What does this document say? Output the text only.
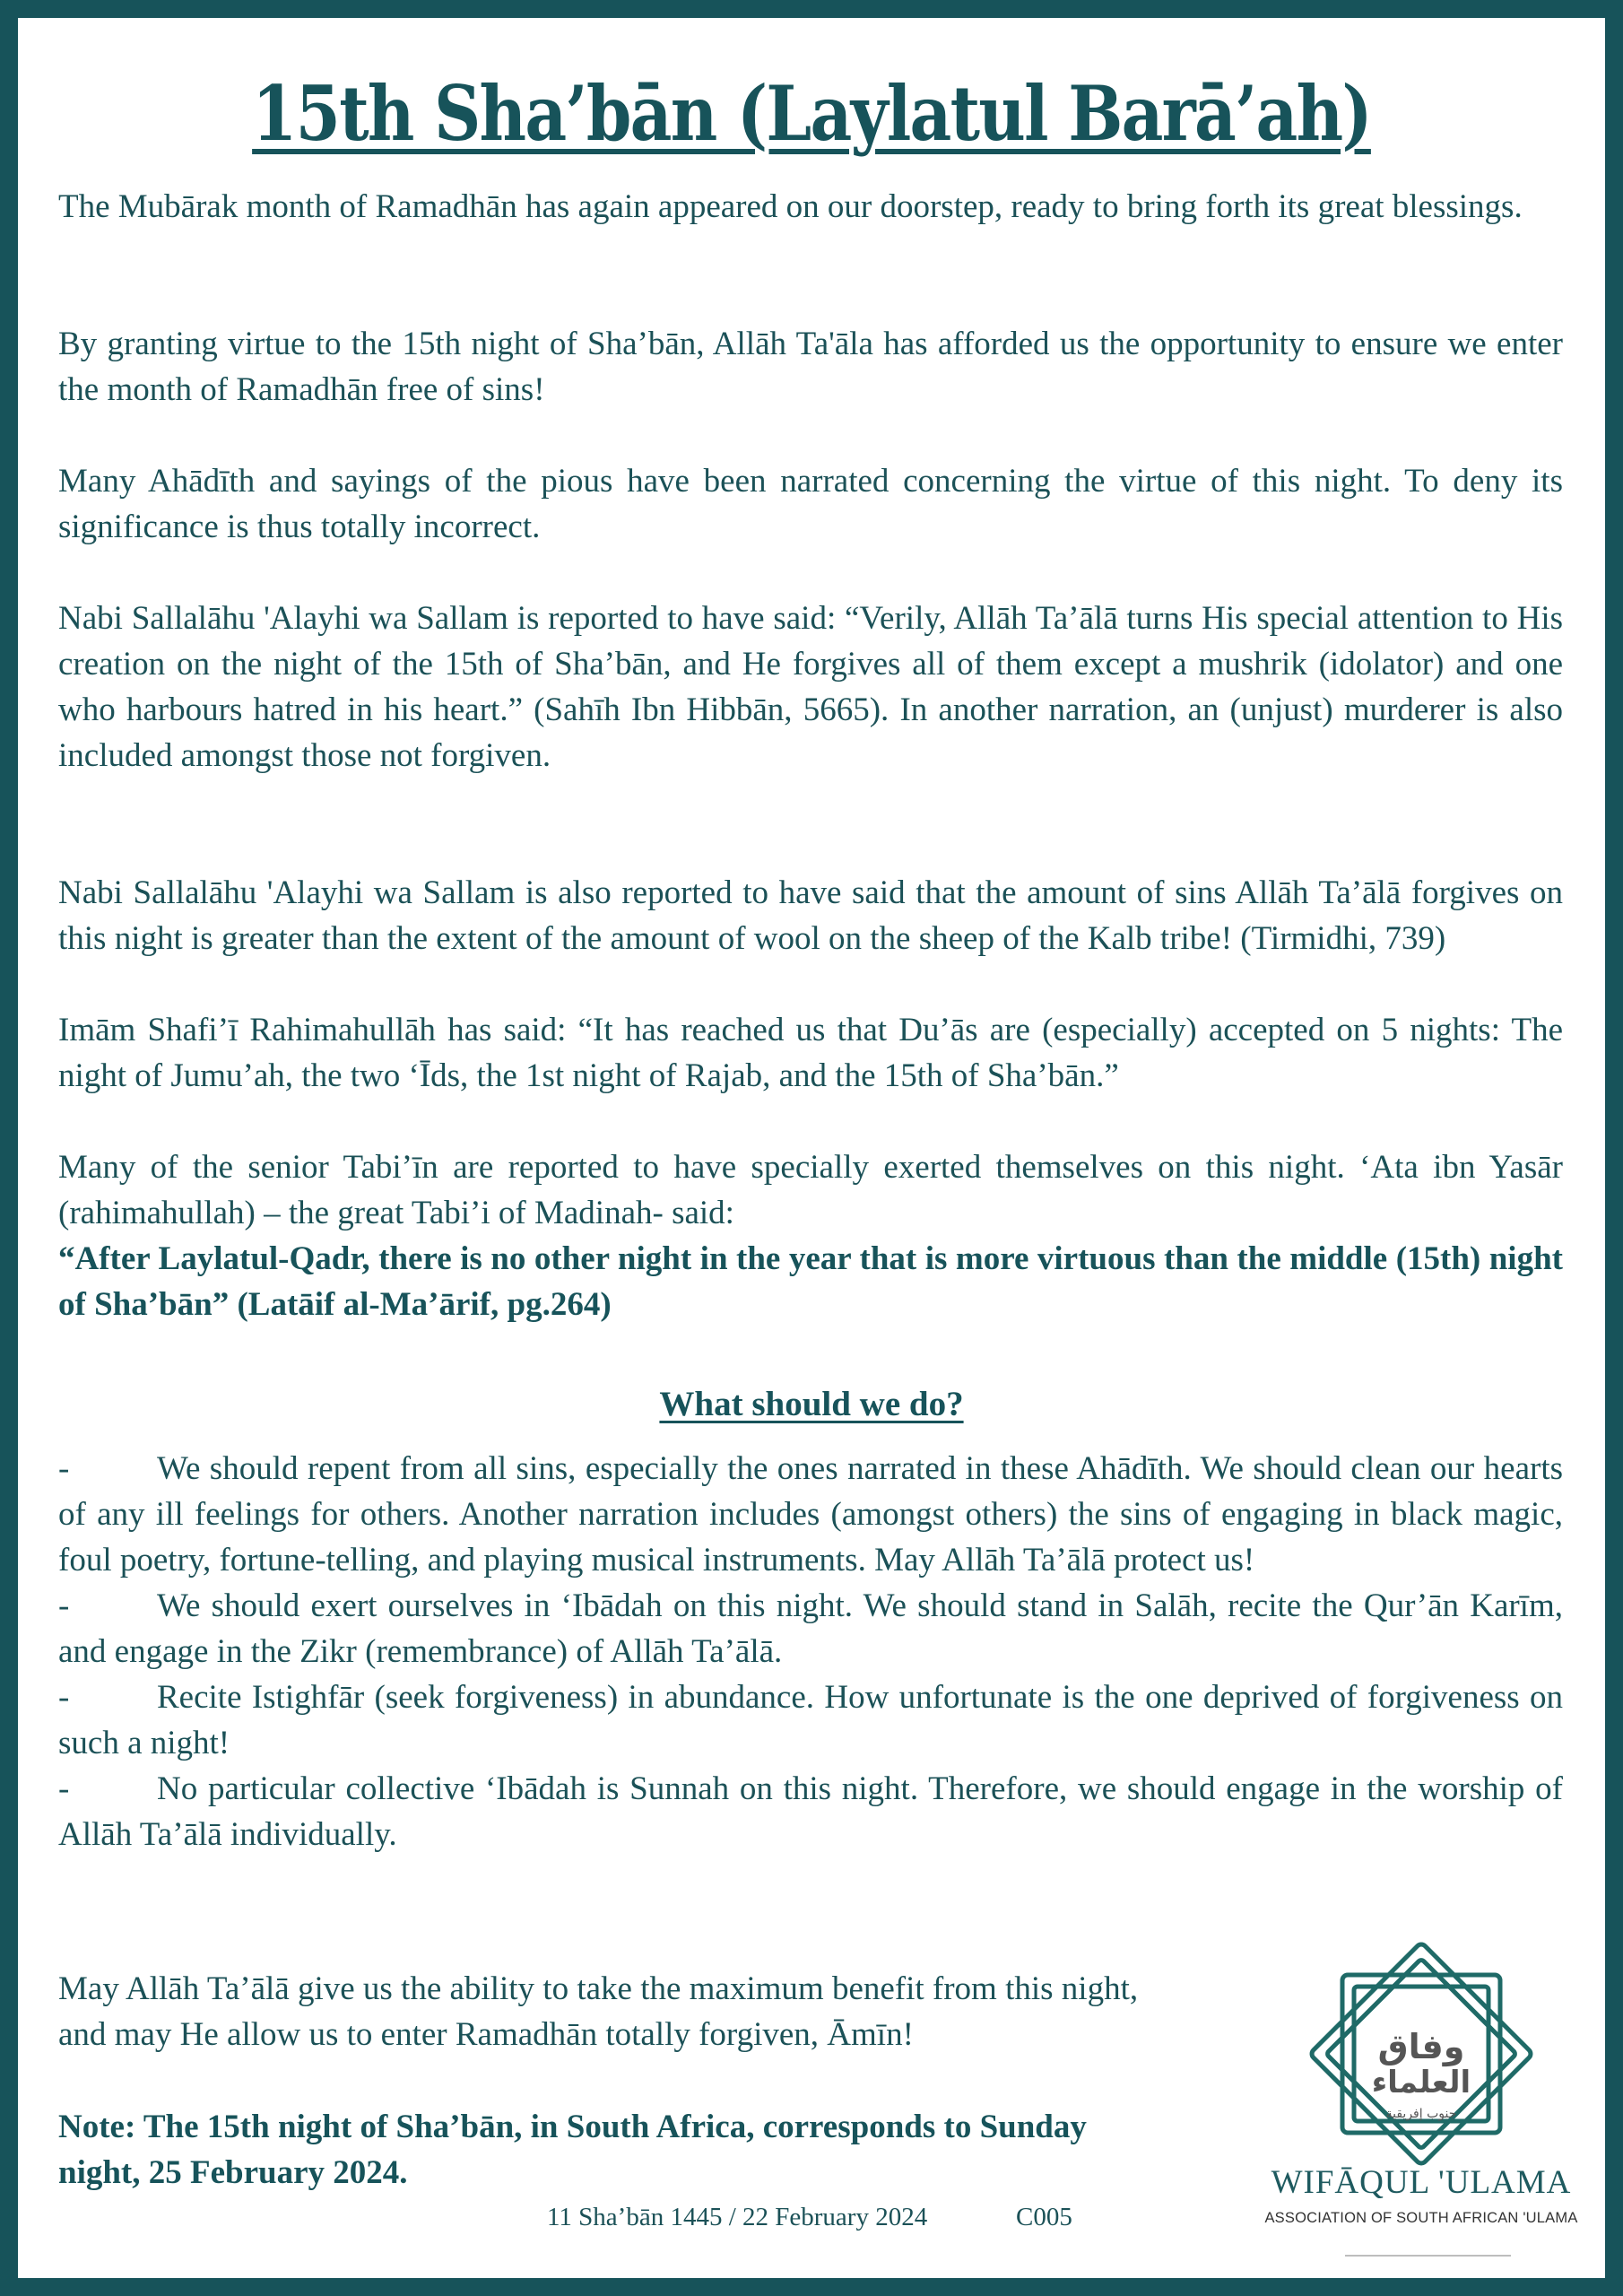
15th Sha’bān (Laylatul Barā’ah)

The Mubārak month of Ramadhān has again appeared on our doorstep, ready to bring forth its great blessings.

By granting virtue to the 15th night of Sha’bān, Allāh Ta'āla has afforded us the opportunity to ensure we enter the month of Ramadhān free of sins!

Many Ahādīth and sayings of the pious have been narrated concerning the virtue of this night. To deny its significance is thus totally incorrect.

Nabi Sallalāhu 'Alayhi wa Sallam is reported to have said: “Verily, Allāh Ta’ālā turns His special attention to His creation on the night of the 15th of Sha’bān, and He forgives all of them except a mushrik (idolator) and one who harbours hatred in his heart.” (Sahīh Ibn Hibbān, 5665). In another narration, an (unjust) murderer is also included amongst those not forgiven.

Nabi Sallalāhu 'Alayhi wa Sallam is also reported to have said that the amount of sins Allāh Ta’ālā forgives on this night is greater than the extent of the amount of wool on the sheep of the Kalb tribe! (Tirmidhi, 739)

Imām Shafi’ī Rahimahullāh has said: “It has reached us that Du’ās are (especially) accepted on 5 nights: The night of Jumu’ah, the two ‘Īds, the 1st night of Rajab, and the 15th of Sha’bān.”

Many of the senior Tabi’īn are reported to have specially exerted themselves on this night. ‘Ata ibn Yasār (rahimahullah) – the great Tabi’i of Madinah- said:

“After Laylatul-Qadr, there is no other night in the year that is more virtuous than the middle (15th) night of Sha’bān” (Latāif al-Ma’ārif, pg.264)

What should we do?

-	We should repent from all sins, especially the ones narrated in these Ahādīth. We should clean our hearts of any ill feelings for others. Another narration includes (amongst others) the sins of engaging in black magic, foul poetry, fortune-telling, and playing musical instruments. May Allāh Ta’ālā protect us!

-	We should exert ourselves in ‘Ibādah on this night. We should stand in Salāh, recite the Qur’ān Karīm, and engage in the Zikr (remembrance) of Allāh Ta’ālā.

-	Recite Istighfār (seek forgiveness) in abundance. How unfortunate is the one deprived of forgiveness on such a night!

-	No particular collective ‘Ibādah is Sunnah on this night. Therefore, we should engage in the worship of Allāh Ta’ālā individually.

May Allāh Ta’ālā give us the ability to take the maximum benefit from this night,
and may He allow us to enter Ramadhān totally forgiven, Āmīn!
Note: The 15th night of Sha’bān, in South Africa, corresponds to Sunday
night, 25 February 2024.
11 Sha’bān 1445 / 22 February 2024	C005
وفاق
العلماء
جنوب إفريقية
WIFĀQUL 'ULAMA
ASSOCIATION OF SOUTH AFRICAN 'ULAMA
